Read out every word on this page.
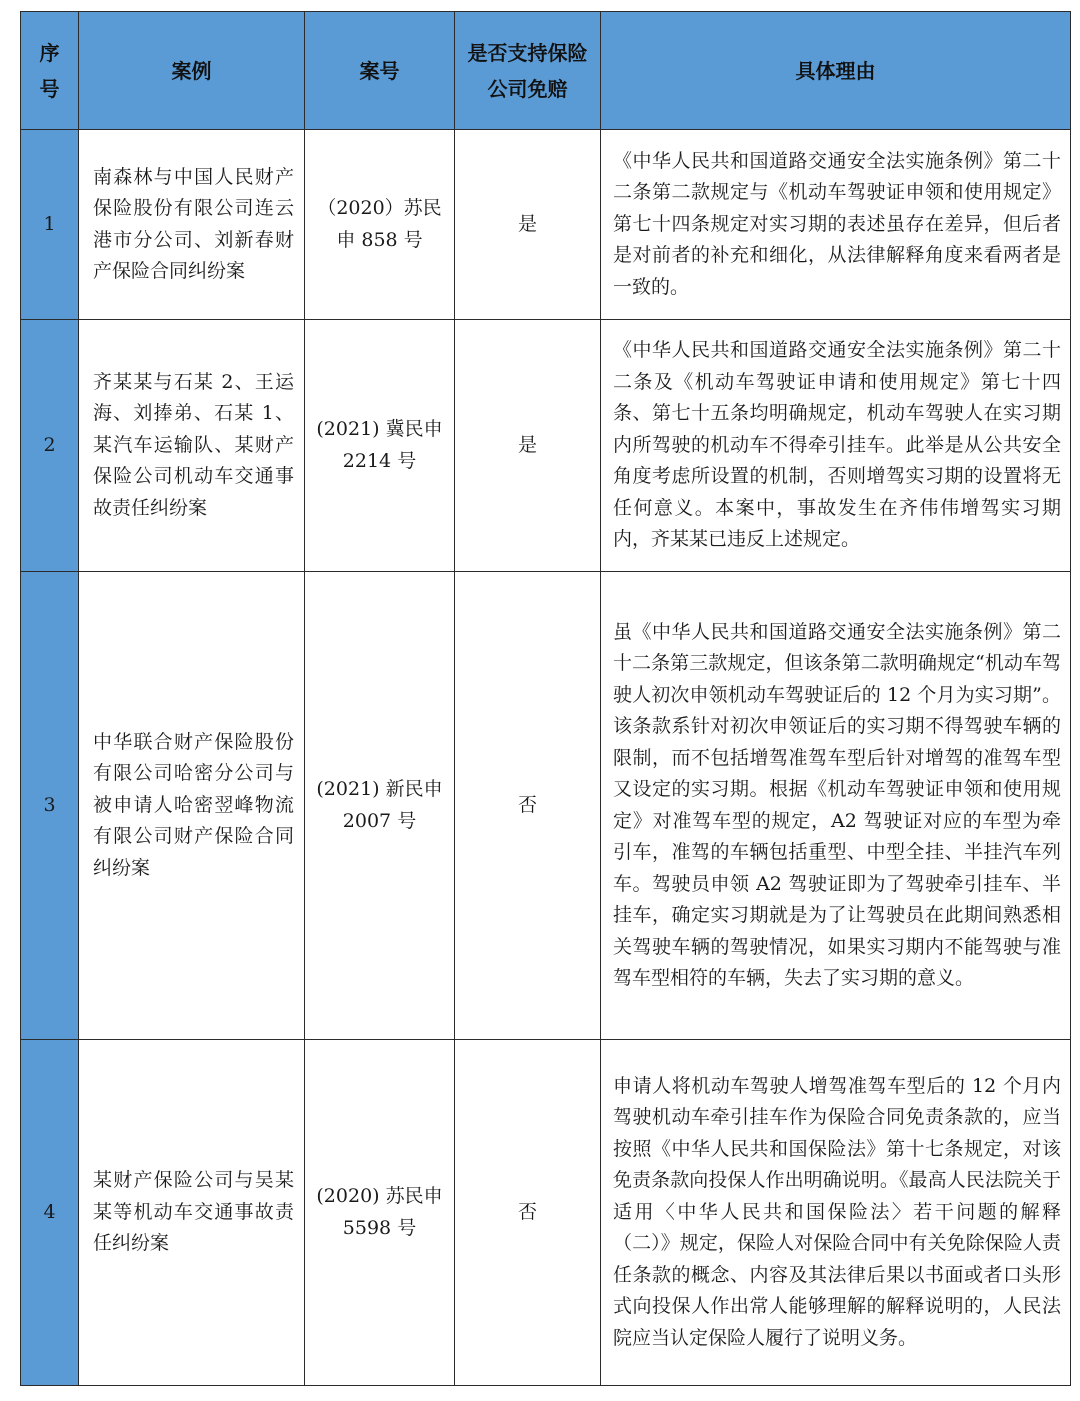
序号	案例	案号	是否支持保险公司免赔	具体理由
1	南森林与中国人民财产保险股份有限公司连云港市分公司、刘新春财产保险合同纠纷案	（2020）苏民申 858 号	是	《中华人民共和国道路交通安全法实施条例》第二十二条第二款规定与《机动车驾驶证申领和使用规定》第七十四条规定对实习期的表述虽存在差异，但后者是对前者的补充和细化，从法律解释角度来看两者是一致的。
2	齐某某与石某 2、王运海、刘捧弟、石某 1、某汽车运输队、某财产保险公司机动车交通事故责任纠纷案	(2021) 冀民申 2214 号	是	《中华人民共和国道路交通安全法实施条例》第二十二条及《机动车驾驶证申请和使用规定》第七十四条、第七十五条均明确规定，机动车驾驶人在实习期内所驾驶的机动车不得牵引挂车。此举是从公共安全角度考虑所设置的机制，否则增驾实习期的设置将无任何意义。本案中，事故发生在齐伟伟增驾实习期内，齐某某已违反上述规定。
3	中华联合财产保险股份有限公司哈密分公司与被申请人哈密翌峰物流有限公司财产保险合同纠纷案	(2021) 新民申 2007 号	否	虽《中华人民共和国道路交通安全法实施条例》第二十二条第三款规定，但该条第二款明确规定“机动车驾驶人初次申领机动车驾驶证后的 12 个月为实习期”。该条款系针对初次申领证后的实习期不得驾驶车辆的限制，而不包括增驾准驾车型后针对增驾的准驾车型又设定的实习期。根据《机动车驾驶证申领和使用规定》对准驾车型的规定，A2 驾驶证对应的车型为牵引车，准驾的车辆包括重型、中型全挂、半挂汽车列车。驾驶员申领 A2 驾驶证即为了驾驶牵引挂车、半挂车，确定实习期就是为了让驾驶员在此期间熟悉相关驾驶车辆的驾驶情况，如果实习期内不能驾驶与准驾车型相符的车辆，失去了实习期的意义。
4	某财产保险公司与吴某某等机动车交通事故责任纠纷案	(2020) 苏民申 5598 号	否	申请人将机动车驾驶人增驾准驾车型后的 12 个月内驾驶机动车牵引挂车作为保险合同免责条款的，应当按照《中华人民共和国保险法》第十七条规定，对该免责条款向投保人作出明确说明。《最高人民法院关于适用〈中华人民共和国保险法〉若干问题的解释（二）》规定，保险人对保险合同中有关免除保险人责任条款的概念、内容及其法律后果以书面或者口头形式向投保人作出常人能够理解的解释说明的，人民法院应当认定保险人履行了说明义务。
